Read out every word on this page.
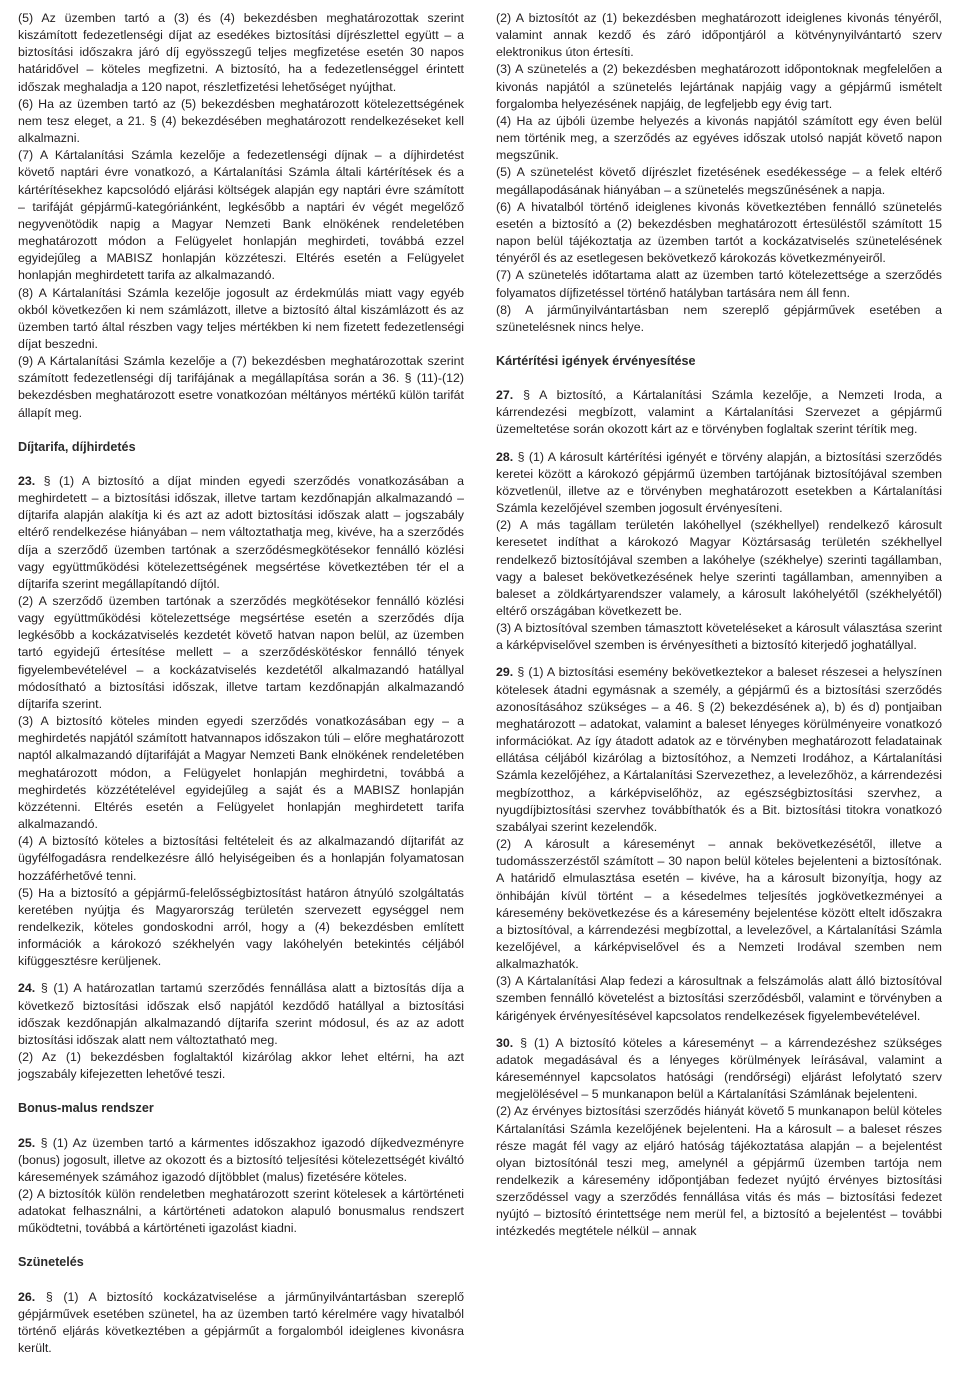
(5) Az üzemben tartó a (3) és (4) bekezdésben meghatározottak szerint kiszámított fedezetlenségi díjat az esedékes biztosítási díjrészlettel együtt – a biztosítási időszakra járó díj egyösszegű teljes megfizetése esetén 30 napos határidővel – köteles megfizetni. A biztosító, ha a fedezetlenséggel érintett időszak meghaladja a 120 napot, részletfizetési lehetőséget nyújthat.

(6) Ha az üzemben tartó az (5) bekezdésben meghatározott kötelezettségének nem tesz eleget, a 21. § (4) bekezdésében meghatározott rendelkezéseket kell alkalmazni.

(7) A Kártalanítási Számla kezelője a fedezetlenségi díjnak – a díjhirdetést követő naptári évre vonatkozó, a Kártalanítási Számla általi kártérítések és a kártérítésekhez kapcsolódó eljárási költségek alapján egy naptári évre számított – tarifáját gépjármű-kategóriánként, legkésőbb a naptári év végét megelőző negyvenötödik napig a Magyar Nemzeti Bank elnökének rendeletében meghatározott módon a Felügyelet honlapján meghirdeti, továbbá ezzel egyidejűleg a MABISZ honlapján közzéteszi. Eltérés esetén a Felügyelet honlapján meghirdetett tarifa az alkalmazandó.

(8) A Kártalanítási Számla kezelője jogosult az érdekmúlás miatt vagy egyéb okból következően ki nem számlázott, illetve a biztosító által kiszámlázott és az üzemben tartó által részben vagy teljes mértékben ki nem fizetett fedezetlenségi díjat beszedni.

(9) A Kártalanítási Számla kezelője a (7) bekezdésben meghatározottak szerint számított fedezetlenségi díj tarifájának a megállapítása során a 36. § (11)-(12) bekezdésben meghatározott esetre vonatkozóan méltányos mértékű külön tarifát állapít meg.

Díjtarifa, díjhirdetés

23. § (1) A biztosító a díjat minden egyedi szerződés vonatkozásában a meghirdetett – a biztosítási időszak, illetve tartam kezdőnapján alkalmazandó – díjtarifa alapján alakítja ki és azt az adott biztosítási időszak alatt – jogszabály eltérő rendelkezése hiányában – nem változtathatja meg, kivéve, ha a szerződés díja a szerződő üzemben tartónak a szerződésmegkötésekor fennálló közlési vagy együttműködési kötelezettségének megsértése következtében tér el a díjtarifa szerint megállapítandó díjtól.

(2) A szerződő üzemben tartónak a szerződés megkötésekor fennálló közlési vagy együttműködési kötelezettsége megsértése esetén a szerződés díja legkésőbb a kockázatviselés kezdetét követő hatvan napon belül, az üzemben tartó egyidejű értesítése mellett – a szerződéskötéskor fennálló tények figyelembevételével – a kockázatviselés kezdetétől alkalmazandó hatállyal módosítható a biztosítási időszak, illetve tartam kezdőnapján alkalmazandó díjtarifa szerint.

(3) A biztosító köteles minden egyedi szerződés vonatkozásában egy – a meghirdetés napjától számított hatvannapos időszakon túli – előre meghatározott naptól alkalmazandó díjtarifáját a Magyar Nemzeti Bank elnökének rendeletében meghatározott módon, a Felügyelet honlapján meghirdetni, továbbá a meghirdetés közzétételével egyidejűleg a saját és a MABISZ honlapján közzétenni. Eltérés esetén a Felügyelet honlapján meghirdetett tarifa alkalmazandó.

(4) A biztosító köteles a biztosítási feltételeit és az alkalmazandó díjtarifát az ügyfélfogadásra rendelkezésre álló helyiségeiben és a honlapján folyamatosan hozzáférhetővé tenni.

(5) Ha a biztosító a gépjármű-felelősségbiztosítást határon átnyúló szolgáltatás keretében nyújtja és Magyarország területén szervezett egységgel nem rendelkezik, köteles gondoskodni arról, hogy a (4) bekezdésben említett információk a károkozó székhelyén vagy lakóhelyén betekintés céljából kifüggesztésre kerüljenek.

24. § (1) A határozatlan tartamú szerződés fennállása alatt a biztosítás díja a következő biztosítási időszak első napjától kezdődő hatállyal a biztosítási időszak kezdőnapján alkalmazandó díjtarifa szerint módosul, és az az adott biztosítási időszak alatt nem változtatható meg.

(2) Az (1) bekezdésben foglaltaktól kizárólag akkor lehet eltérni, ha azt jogszabály kifejezetten lehetővé teszi.

Bonus-malus rendszer

25. § (1) Az üzemben tartó a kármentes időszakhoz igazodó díjkedvezményre (bonus) jogosult, illetve az okozott és a biztosító teljesítési kötelezettségét kiváltó káresemények számához igazodó díjtöbblet (malus) fizetésére köteles.

(2) A biztosítók külön rendeletben meghatározott szerint kötelesek a kártörténeti adatokat felhasználni, a kártörténeti adatokon alapuló bonusmalus rendszert működtetni, továbbá a kártörténeti igazolást kiadni.

Szünetelés

26. § (1) A biztosító kockázatviselése a járműnyilvántartásban szereplő gépjárművek esetében szünetel, ha az üzemben tartó kérelmére vagy hivatalból történő eljárás következtében a gépjárműt a forgalomból ideiglenes kivonásra került.

(2) A biztosítót az (1) bekezdésben meghatározott ideiglenes kivonás tényéről, valamint annak kezdő és záró időpontjáról a kötvénynyilvántartó szerv elektronikus úton értesíti.

(3) A szünetelés a (2) bekezdésben meghatározott időpontoknak megfelelően a kivonás napjától a szünetelés lejártának napjáig vagy a gépjármű ismételt forgalomba helyezésének napjáig, de legfeljebb egy évig tart.

(4) Ha az újbóli üzembe helyezés a kivonás napjától számított egy éven belül nem történik meg, a szerződés az egyéves időszak utolsó napját követő napon megszűnik.

(5) A szünetelést követő díjrészlet fizetésének esedékessége – a felek eltérő megállapodásának hiányában – a szünetelés megszűnésének a napja.

(6) A hivatalból történő ideiglenes kivonás következtében fennálló szünetelés esetén a biztosító a (2) bekezdésben meghatározott értesüléstől számított 15 napon belül tájékoztatja az üzemben tartót a kockázatviselés szünetelésének tényéről és az esetlegesen bekövetkező károkozás következményeiről.

(7) A szünetelés időtartama alatt az üzemben tartó kötelezettsége a szerződés folyamatos díjfizetéssel történő hatályban tartására nem áll fenn.

(8) A járműnyilvántartásban nem szereplő gépjárművek esetében a szünetelésnek nincs helye.

Kártérítési igények érvényesítése

27. § A biztosító, a Kártalanítási Számla kezelője, a Nemzeti Iroda, a kárrendezési megbízott, valamint a Kártalanítási Szervezet a gépjármű üzemeltetése során okozott kárt az e törvényben foglaltak szerint térítik meg.

28. § (1) A károsult kártérítési igényét e törvény alapján, a biztosítási szerződés keretei között a károkozó gépjármű üzemben tartójának biztosítójával szemben közvetlenül, illetve az e törvényben meghatározott esetekben a Kártalanítási Számla kezelőjével szemben jogosult érvényesíteni.

(2) A más tagállam területén lakóhellyel (székhellyel) rendelkező károsult keresetet indíthat a károkozó Magyar Köztársaság területén székhellyel rendelkező biztosítójával szemben a lakóhelye (székhelye) szerinti tagállamban, vagy a baleset bekövetkezésének helye szerinti tagállamban, amennyiben a baleset a zöldkártyarendszer valamely, a károsult lakóhelyétől (székhelyétől) eltérő országában következett be.

(3) A biztosítóval szemben támasztott követeléseket a károsult választása szerint a kárképviselővel szemben is érvényesítheti a biztosító kiterjedő joghatállyal.

29. § (1) A biztosítási esemény bekövetkeztekor a baleset részesei a helyszínen kötelesek átadni egymásnak a személy, a gépjármű és a biztosítási szerződés azonosításához szükséges – a 46. § (2) bekezdésének a), b) és d) pontjaiban meghatározott – adatokat, valamint a baleset lényeges körülményeire vonatkozó információkat. Az így átadott adatok az e törvényben meghatározott feladatainak ellátása céljából kizárólag a biztosítóhoz, a Nemzeti Irodához, a Kártalanítási Számla kezelőjéhez, a Kártalanítási Szervezethez, a levelezőhöz, a kárrendezési megbízotthoz, a kárképviselőhöz, az egészségbiztosítási szervhez, a nyugdíjbiztosítási szervhez továbbíthatók és a Bit. biztosítási titokra vonatkozó szabályai szerint kezelendők.

(2) A károsult a káreseményt – annak bekövetkezésétől, illetve a tudomásszerzéstől számított – 30 napon belül köteles bejelenteni a biztosítónak. A határidő elmulasztása esetén – kivéve, ha a károsult bizonyítja, hogy az önhibáján kívül történt – a késedelmes teljesítés jogkövetkezményei a káresemény bekövetkezése és a káresemény bejelentése között eltelt időszakra a biztosítóval, a kárrendezési megbízottal, a levelezővel, a Kártalanítási Számla kezelőjével, a kárképviselővel és a Nemzeti Irodával szemben nem alkalmazhatók.

(3) A Kártalanítási Alap fedezi a károsultnak a felszámolás alatt álló biztosítóval szemben fennálló követelést a biztosítási szerződésből, valamint e törvényben a kárigények érvényesítésével kapcsolatos rendelkezések figyelembevételével.

30. § (1) A biztosító köteles a káreseményt – a kárrendezéshez szükséges adatok megadásával és a lényeges körülmények leírásával, valamint a káreseménnyel kapcsolatos hatósági (rendőrségi) eljárást lefolytató szerv megjelölésével – 5 munkanapon belül a Kártalanítási Számlának bejelenteni.

(2) Az érvényes biztosítási szerződés hiányát követő 5 munkanapon belül köteles Kártalanítási Számla kezelőjének bejelenteni. Ha a károsult – a baleset részes része magát fél vagy az eljáró hatóság tájékoztatása alapján – a bejelentést olyan biztosítónál teszi meg, amelynél a gépjármű üzemben tartója nem rendelkezik a káresemény időpontjában fedezet nyújtó érvényes biztosítási szerződéssel vagy a szerződés fennállása vitás és más – biztosítási fedezet nyújtó – biztosító érintettsége nem merül fel, a biztosító a bejelentést – további intézkedés megtétele nélkül – annak
